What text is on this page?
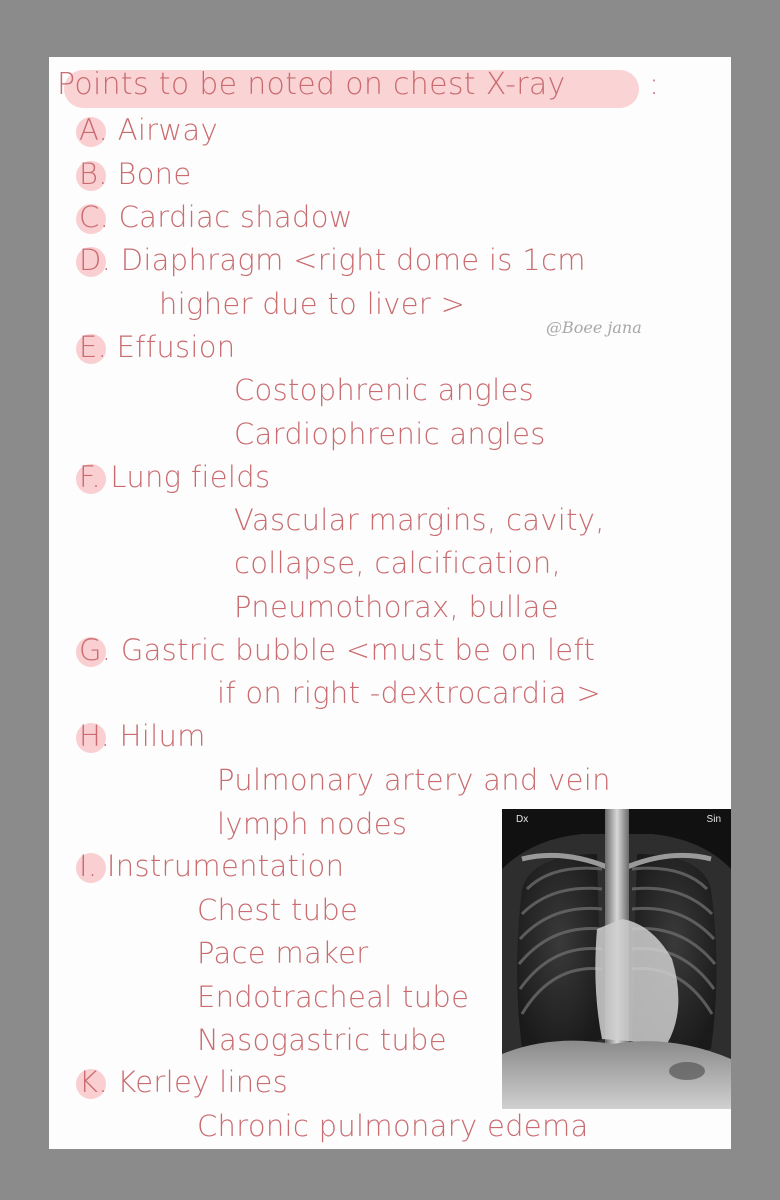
Points to be noted on chest X-ray	:
A. Airway
B. Bone
C. Cardiac shadow
D. Diaphragm <right dome is 1cm
higher due to liver >
@Boee jana
E. Effusion
Costophrenic angles
Cardiophrenic angles
F. Lung fields
Vascular margins, cavity,
collapse, calcification,
Pneumothorax, bullae
G. Gastric bubble <must be on left
if on right -dextrocardia >
H. Hilum
Pulmonary artery and vein
lymph nodes
I. Instrumentation
Chest tube
Pace maker
Endotracheal tube
Nasogastric tube
K. Kerley lines
Chronic pulmonary edema
Dx	Sin
